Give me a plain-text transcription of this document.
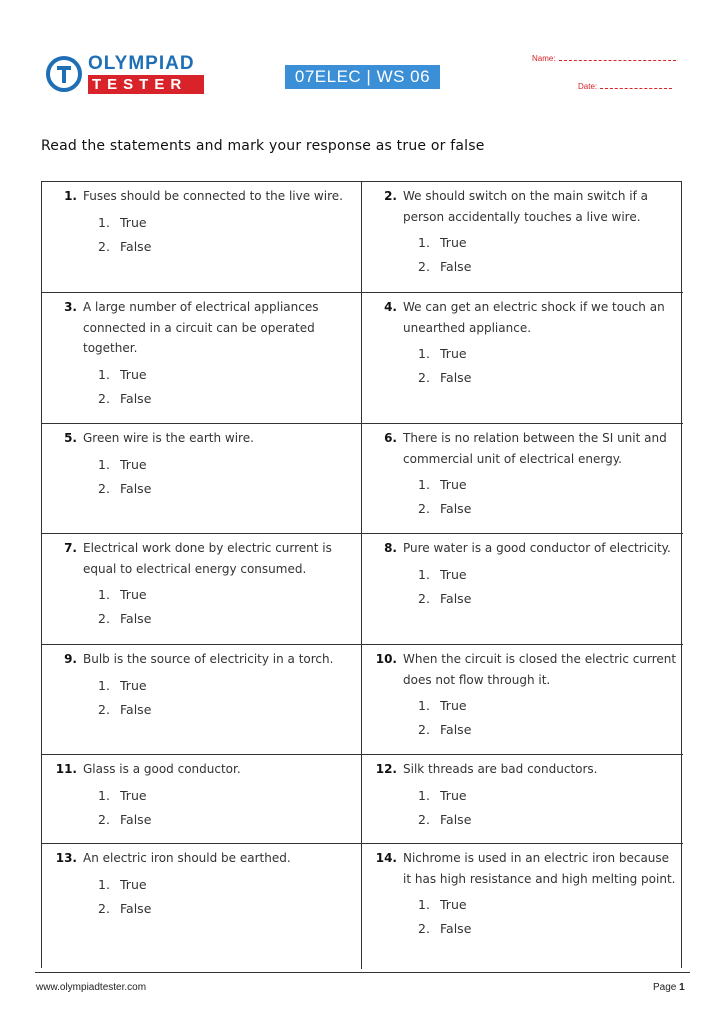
OLYMPIAD
TESTER	07ELEC | WS 06
Name:
Date:
Read the statements and mark your response as true or false
1. Fuses should be connected to the live wire.
1. True
2. False
2. We should switch on the main switch if a person accidentally touches a live wire.
1. True
2. False
3. A large number of electrical appliances connected in a circuit can be operated together.
1. True
2. False
4. We can get an electric shock if we touch an unearthed appliance.
1. True
2. False
5. Green wire is the earth wire.
1. True
2. False
6. There is no relation between the SI unit and commercial unit of electrical energy.
1. True
2. False
7. Electrical work done by electric current is equal to electrical energy consumed.
1. True
2. False
8. Pure water is a good conductor of electricity.
1. True
2. False
9. Bulb is the source of electricity in a torch.
1. True
2. False
10. When the circuit is closed the electric current does not flow through it.
1. True
2. False
11. Glass is a good conductor.
1. True
2. False
12. Silk threads are bad conductors.
1. True
2. False
13. An electric iron should be earthed.
1. True
2. False
14. Nichrome is used in an electric iron because it has high resistance and high melting point.
1. True
2. False
www.olympiadtester.com	Page 1
